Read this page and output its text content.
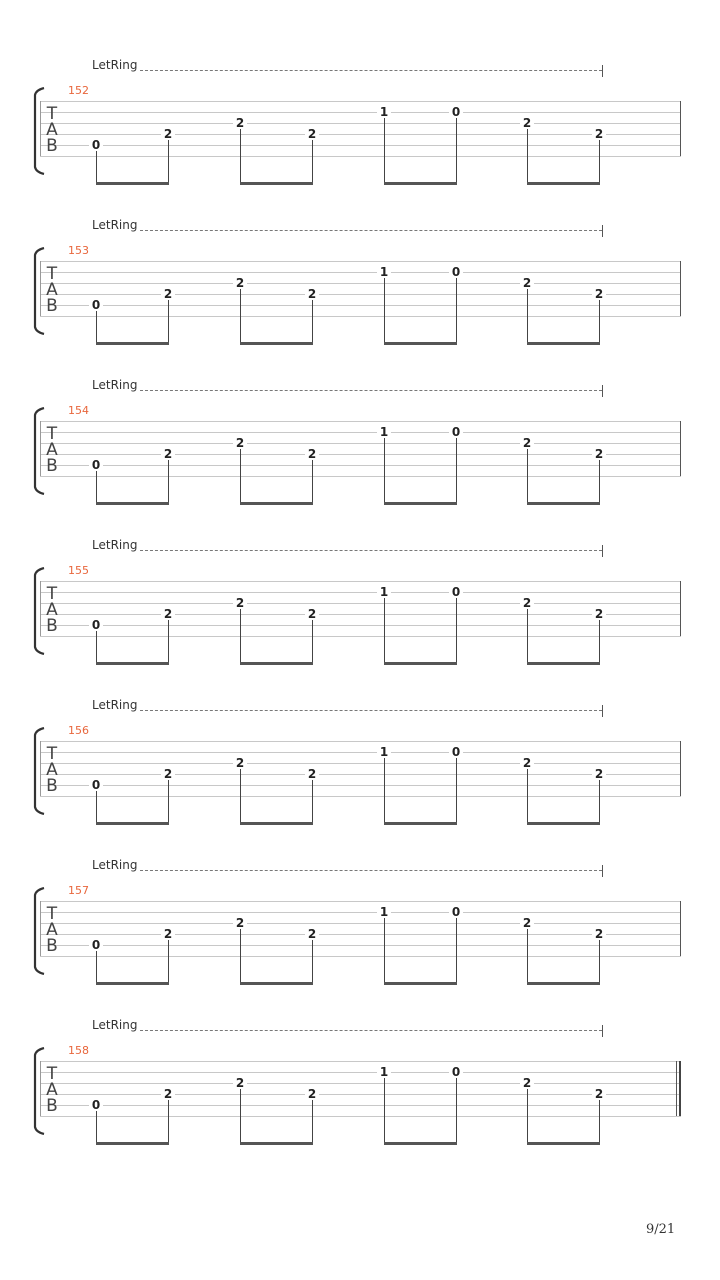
LetRing
152
T
A
B	0
2
2
2
1	0
2
2
LetRing
153
T
A
B	0
2
2
2
1	0
2
2
LetRing
154
T
A
B	0
2
2
2
1	0
2
2
LetRing
155
T
A
B	0
2
2
2
1	0
2
2
LetRing
156
T
A
B	0
2
2
2
1	0
2
2
LetRing
157
T
A
B	0
2
2
2
1	0
2
2
LetRing
158
T
A
B	0
2
2
2
1	0
2
2
9/21
